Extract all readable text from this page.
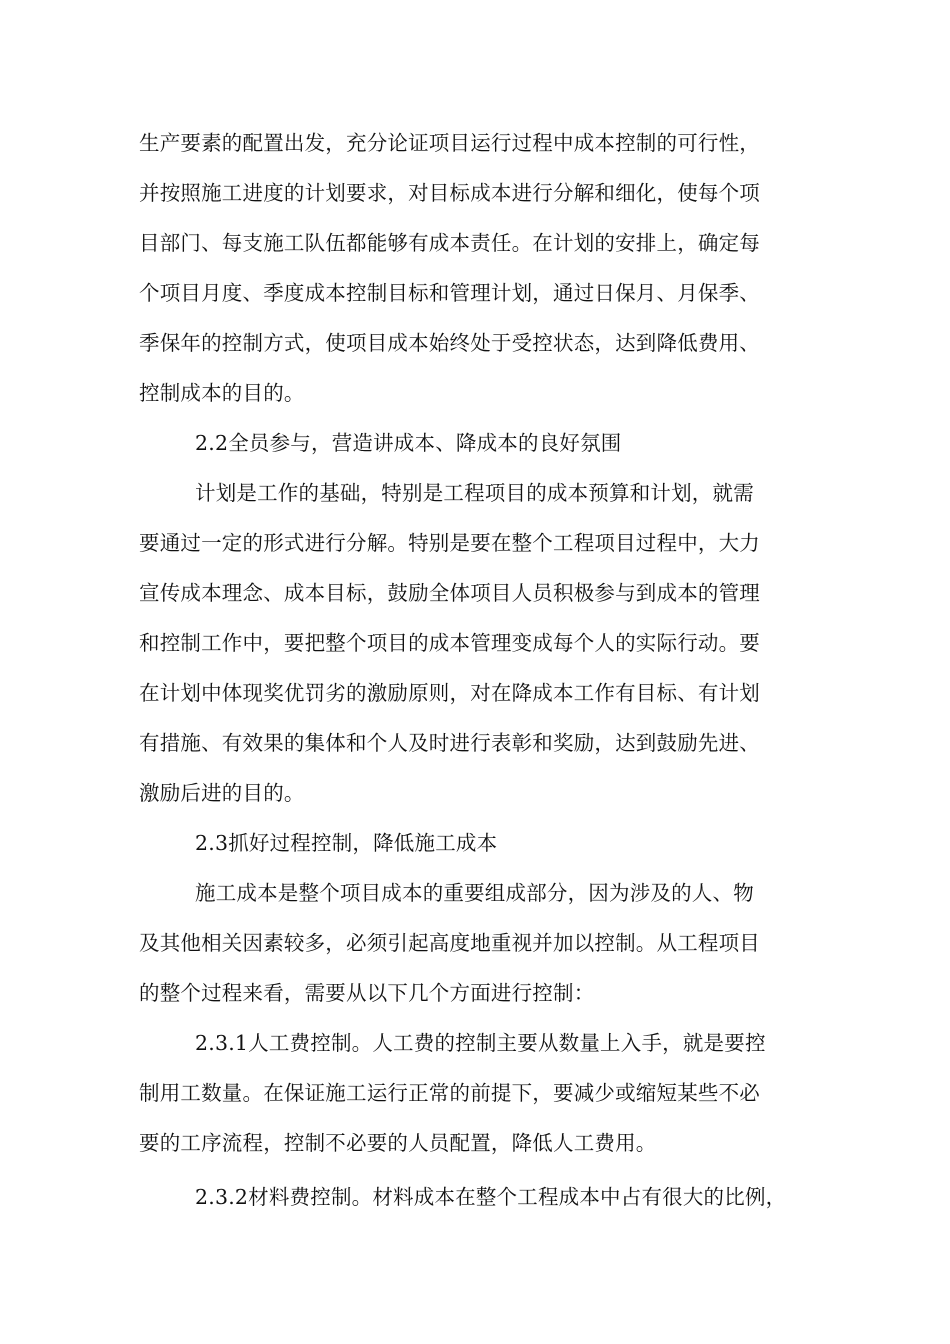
生产要素的配置出发，充分论证项目运行过程中成本控制的可行性，
并按照施工进度的计划要求，对目标成本进行分解和细化，使每个项
目部门、每支施工队伍都能够有成本责任。在计划的安排上，确定每
个项目月度、季度成本控制目标和管理计划，通过日保月、月保季、
季保年的控制方式，使项目成本始终处于受控状态，达到降低费用、
控制成本的目的。
2.2全员参与，营造讲成本、降成本的良好氛围
计划是工作的基础，特别是工程项目的成本预算和计划，就需
要通过一定的形式进行分解。特别是要在整个工程项目过程中，大力
宣传成本理念、成本目标，鼓励全体项目人员积极参与到成本的管理
和控制工作中，要把整个项目的成本管理变成每个人的实际行动。要
在计划中体现奖优罚劣的激励原则，对在降成本工作有目标、有计划
有措施、有效果的集体和个人及时进行表彰和奖励，达到鼓励先进、
激励后进的目的。
2.3抓好过程控制，降低施工成本
施工成本是整个项目成本的重要组成部分，因为涉及的人、物
及其他相关因素较多，必须引起高度地重视并加以控制。从工程项目
的整个过程来看，需要从以下几个方面进行控制：
2.3.1人工费控制。人工费的控制主要从数量上入手，就是要控
制用工数量。在保证施工运行正常的前提下，要减少或缩短某些不必
要的工序流程，控制不必要的人员配置，降低人工费用。
2.3.2材料费控制。材料成本在整个工程成本中占有很大的比例，
